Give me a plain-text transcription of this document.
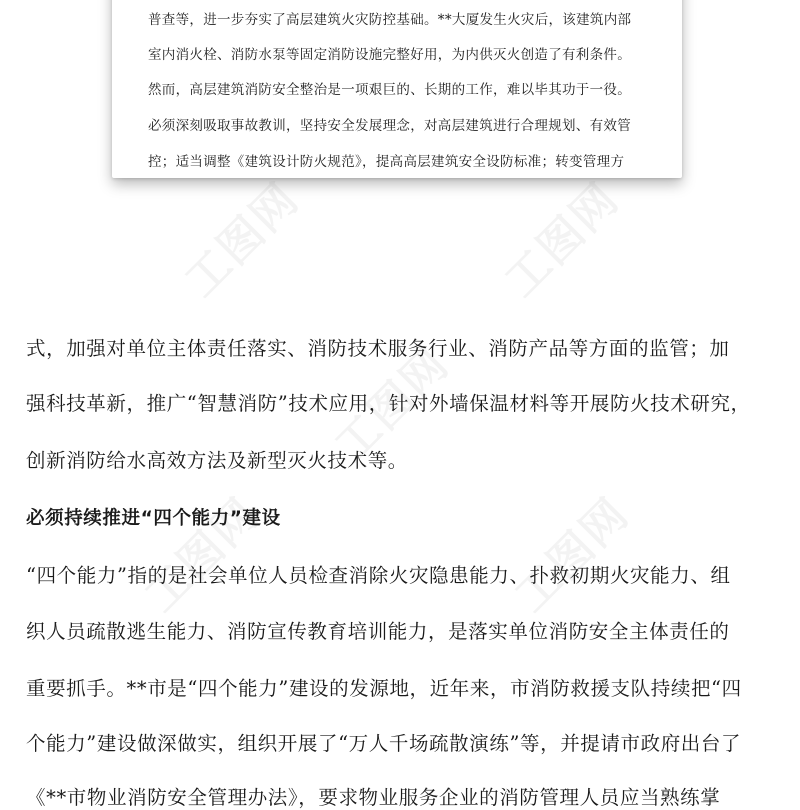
普查等，进一步夯实了高层建筑火灾防控基础。**大厦发生火灾后，该建筑内部
室内消火栓、消防水泵等固定消防设施完整好用，为内供灭火创造了有利条件。
然而，高层建筑消防安全整治是一项艰巨的、长期的工作，难以毕其功于一役。
必须深刻吸取事故教训，坚持安全发展理念，对高层建筑进行合理规划、有效管
控；适当调整《建筑设计防火规范》，提高高层建筑安全设防标准；转变管理方
式，加强对单位主体责任落实、消防技术服务行业、消防产品等方面的监管；加
强科技革新，推广“智慧消防”技术应用，针对外墙保温材料等开展防火技术研究，
创新消防给水高效方法及新型灭火技术等。
必须持续推进“四个能力”建设
“四个能力”指的是社会单位人员检查消除火灾隐患能力、扑救初期火灾能力、组
织人员疏散逃生能力、消防宣传教育培训能力，是落实单位消防安全主体责任的
重要抓手。**市是“四个能力”建设的发源地，近年来，市消防救援支队持续把“四
个能力”建设做深做实，组织开展了“万人千场疏散演练”等，并提请市政府出台了
《**市物业消防安全管理办法》，要求物业服务企业的消防管理人员应当熟练掌
